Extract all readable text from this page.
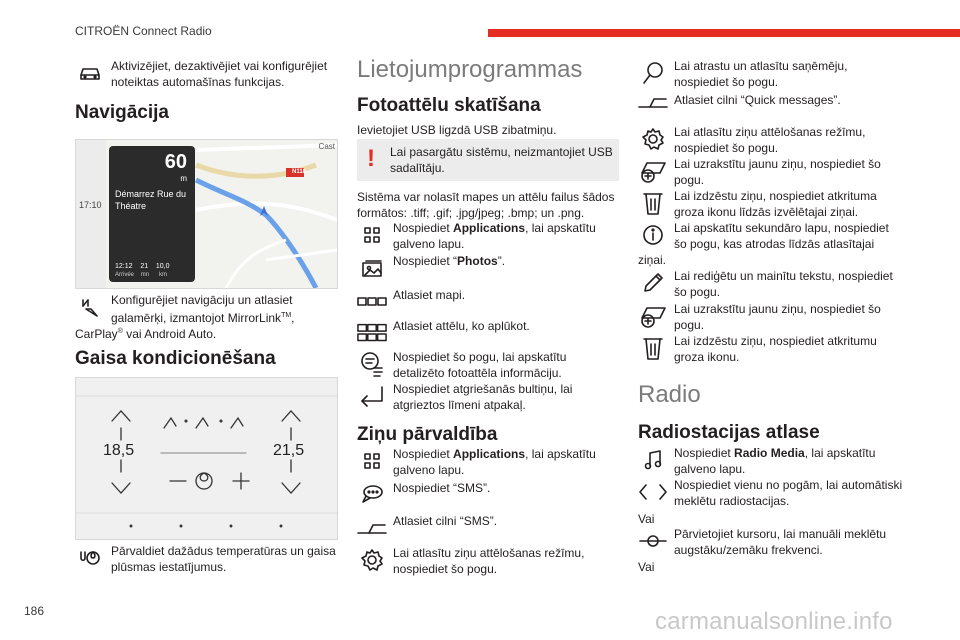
CITROËN Connect Radio
Aktivizējiet, dezaktivējiet vai konfigurējiet noteiktas automašīnas funkcijas.
Navigācija
17:10
60
m
Démarrez Rue du Théatre
12:12 21 10,0
Arrivée mn km
N118
Cast
Konfigurējiet navigāciju un atlasiet galamērķi, izmantojot MirrorLink™,
CarPlay® vai Android Auto.
Gaisa kondicionēšana
18,5	21,5
Pārvaldiet dažādus temperatūras un gaisa plūsmas iestatījumus.
Lietojumprogrammas
Fotoattēlu skatīšana
Ievietojiet USB ligzdā USB zibatmiņu.
! Lai pasargātu sistēmu, neizmantojiet USB sadalītāju.
Sistēma var nolasīt mapes un attēlu failus šādos formātos: .tiff; .gif; .jpg/jpeg; .bmp; un .png.
Nospiediet Applications, lai apskatītu galveno lapu.
Nospiediet “Photos”.
Atlasiet mapi.
Atlasiet attēlu, ko aplūkot.
Nospiediet šo pogu, lai apskatītu detalizēto fotoattēla informāciju.
Nospiediet atgriešanās bultiņu, lai atgrieztos līmeni atpakaļ.
Ziņu pārvaldība
Nospiediet Applications, lai apskatītu galveno lapu.
Nospiediet “SMS”.
Atlasiet cilni “SMS”.
Lai atlasītu ziņu attēlošanas režīmu, nospiediet šo pogu.
Lai atrastu un atlasītu saņēmēju, nospiediet šo pogu.
Atlasiet cilni “Quick messages”.
Lai atlasītu ziņu attēlošanas režīmu, nospiediet šo pogu.
Lai uzrakstītu jaunu ziņu, nospiediet šo pogu.
Lai izdzēstu ziņu, nospiediet atkrituma groza ikonu līdzās izvēlētajai ziņai.
Lai apskatītu sekundāro lapu, nospiediet šo pogu, kas atrodas līdzās atlasītajai
ziņai.
Lai rediģētu un mainītu tekstu, nospiediet šo pogu.
Lai uzrakstītu jaunu ziņu, nospiediet šo pogu.
Lai izdzēstu ziņu, nospiediet atkritumu groza ikonu.
Radio
Radiostacijas atlase
Nospiediet Radio Media, lai apskatītu galveno lapu.
Nospiediet vienu no pogām, lai automātiski meklētu radiostacijas.
Vai
Pārvietojiet kursoru, lai manuāli meklētu augstāku/zemāku frekvenci.
Vai
186	carmanualsonline.info
